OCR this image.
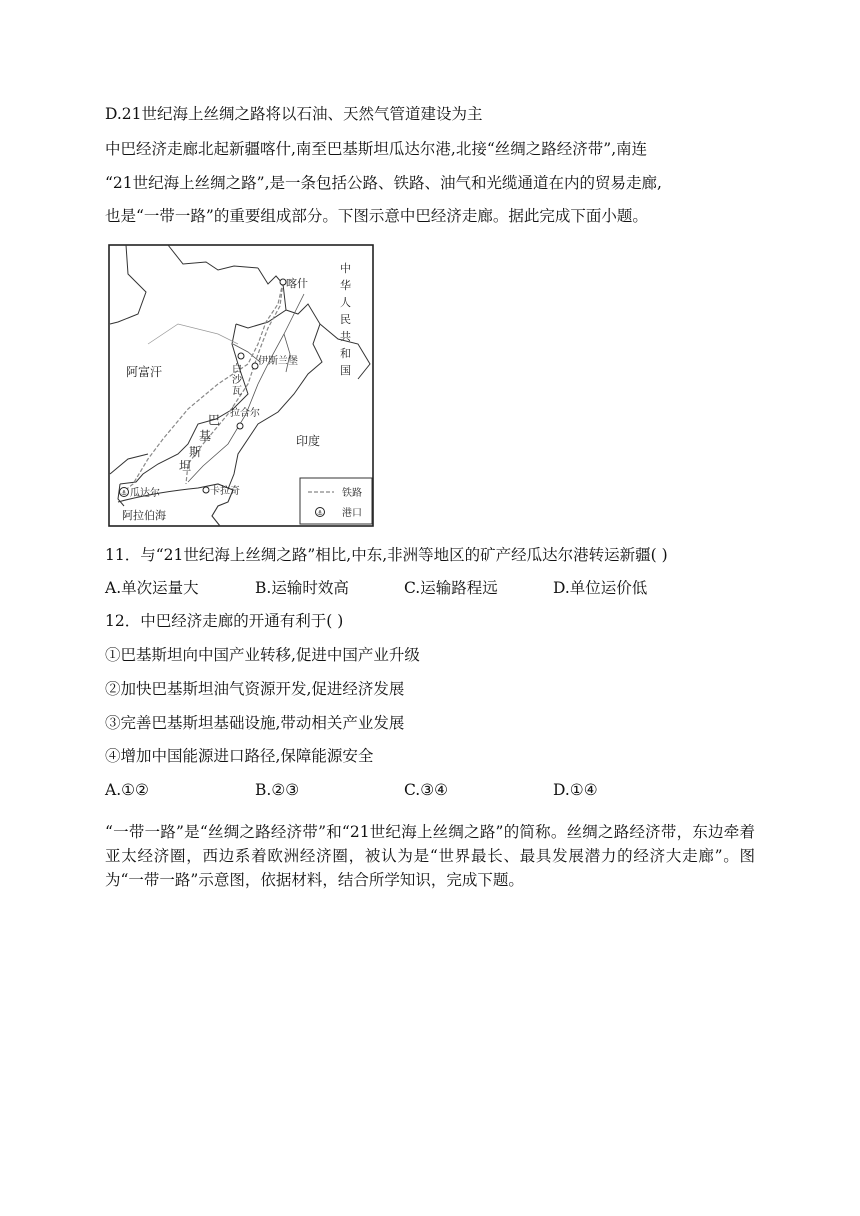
D.21世纪海上丝绸之路将以石油、天然气管道建设为主
中巴经济走廊北起新疆喀什,南至巴基斯坦瓜达尔港,北接“丝绸之路经济带”,南连
“21世纪海上丝绸之路”,是一条包括公路、铁路、油气和光缆通道在内的贸易走廊,
也是“一带一路”的重要组成部分。下图示意中巴经济走廊。据此完成下面小题。
⚓
喀什
中
华
人
民
共
和
国
阿富汗
伊斯兰堡
白
沙
瓦
拉合尔
巴
基
斯
坦
印度
瓜达尔	卡拉奇
阿拉伯海
铁路
⚓ 港口
11．与“21世纪海上丝绸之路”相比,中东,非洲等地区的矿产经瓜达尔港转运新疆( )
A.单次运量大	B.运输时效高	C.运输路程远	D.单位运价低
12．中巴经济走廊的开通有利于( )
①巴基斯坦向中国产业转移,促进中国产业升级
②加快巴基斯坦油气资源开发,促进经济发展
③完善巴基斯坦基础设施,带动相关产业发展
④增加中国能源进口路径,保障能源安全
A.①②	B.②③	C.③④	D.①④
“一带一路”是“丝绸之路经济带”和“21世纪海上丝绸之路”的简称。丝绸之路经济带，东边牵着亚太经济圈，西边系着欧洲经济圈，被认为是“世界最长、最具发展潜力的经济大走廊”。图为“一带一路”示意图，依据材料，结合所学知识，完成下题。
